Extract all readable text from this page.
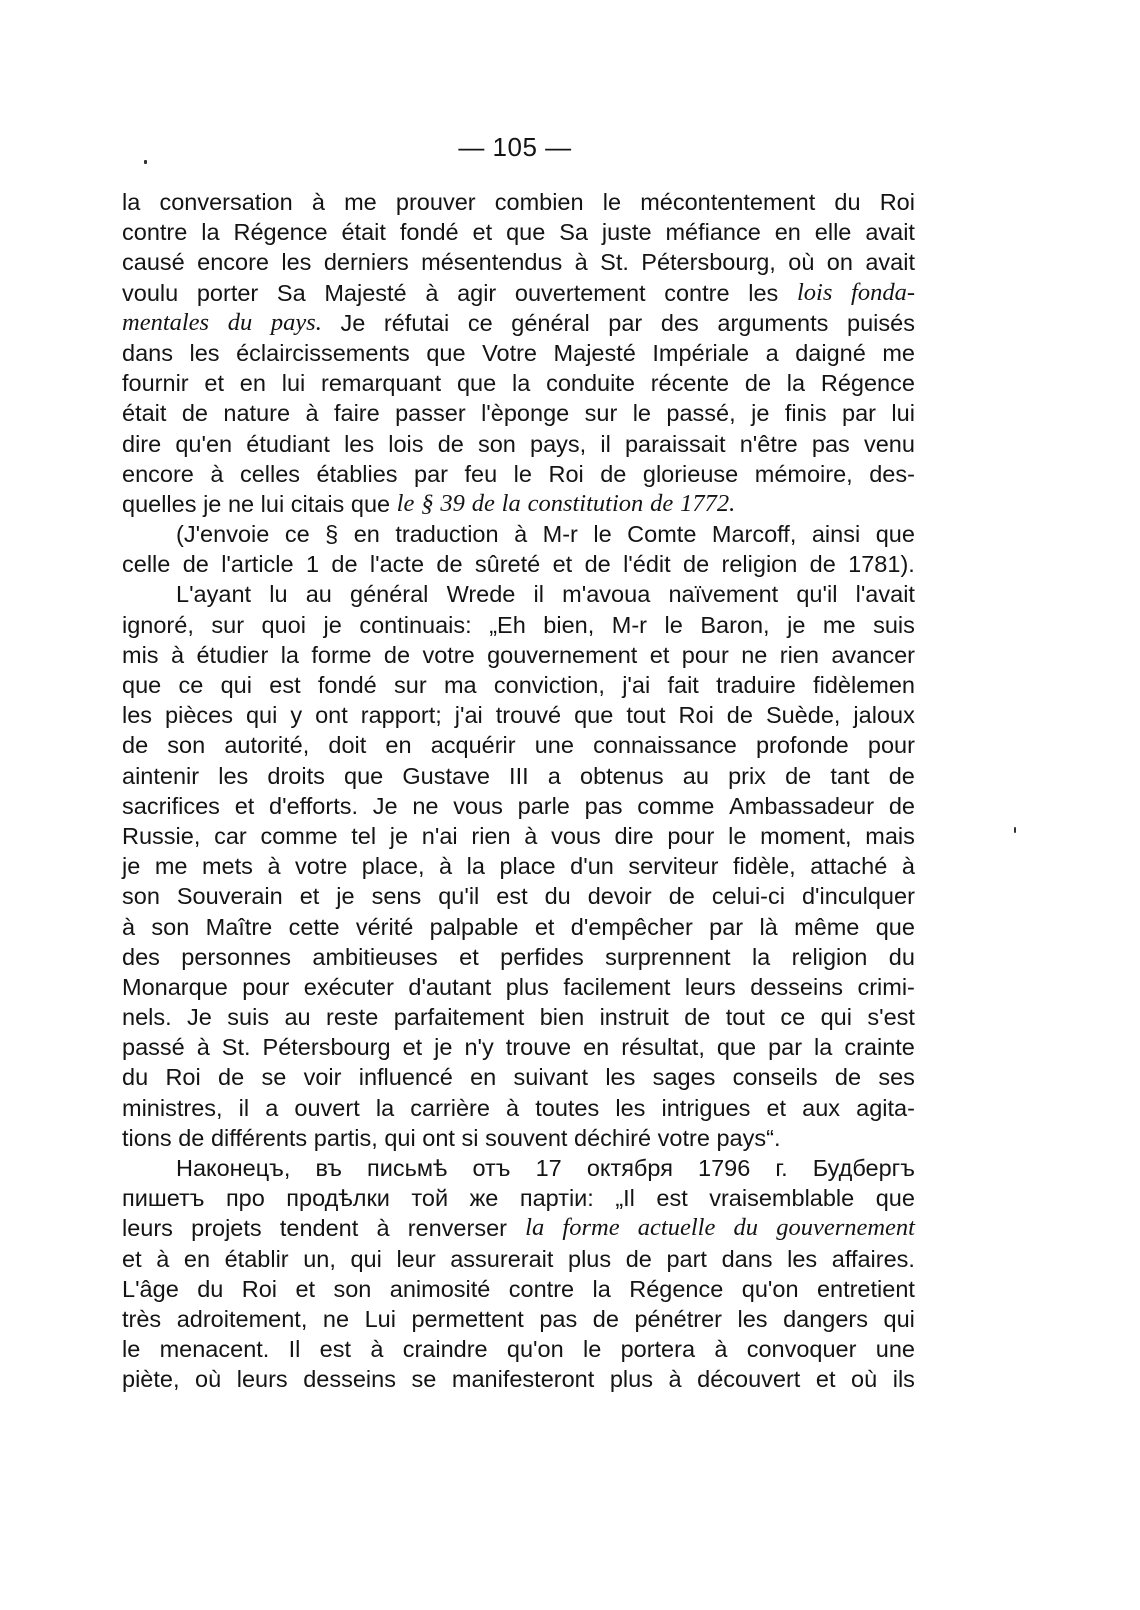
— 105 —
la conversation à me prouver combien le mécontentement du Roi
contre la Régence était fondé et que Sa juste méfiance en elle avait
causé encore les derniers mésentendus à St. Pétersbourg, où on avait
voulu porter Sa Majesté à agir ouvertement contre les lois fonda-
mentales du pays. Je réfutai ce général par des arguments puisés
dans les éclaircissements que Votre Majesté Impériale a daigné me
fournir et en lui remarquant que la conduite récente de la Régence
était de nature à faire passer l'èponge sur le passé, je finis par lui
dire qu'en étudiant les lois de son pays, il paraissait n'être pas venu
encore à celles établies par feu le Roi de glorieuse mémoire, des-
quelles je ne lui citais que le § 39 de la constitution de 1772.
(J'envoie ce § en traduction à M-r le Comte Marcoff, ainsi que
celle de l'article 1 de l'acte de sûreté et de l'édit de religion de 1781).
L'ayant lu au général Wrede il m'avoua naïvement qu'il l'avait
ignoré, sur quoi je continuais: „Eh bien, M-r le Baron, je me suis
mis à étudier la forme de votre gouvernement et pour ne rien avancer
que ce qui est fondé sur ma conviction, j'ai fait traduire fidèlemen
les pièces qui y ont rapport; j'ai trouvé que tout Roi de Suède, jaloux
de son autorité, doit en acquérir une connaissance profonde pour
aintenir les droits que Gustave III a obtenus au prix de tant de
sacrifices et d'efforts. Je ne vous parle pas comme Ambassadeur de
Russie, car comme tel je n'ai rien à vous dire pour le moment, mais
je me mets à votre place, à la place d'un serviteur fidèle, attaché à
son Souverain et je sens qu'il est du devoir de celui-ci d'inculquer
à son Maître cette vérité palpable et d'empêcher par là même que
des personnes ambitieuses et perfides surprennent la religion du
Monarque pour exécuter d'autant plus facilement leurs desseins crimi-
nels. Je suis au reste parfaitement bien instruit de tout ce qui s'est
passé à St. Pétersbourg et je n'y trouve en résultat, que par la crainte
du Roi de se voir influencé en suivant les sages conseils de ses
ministres, il a ouvert la carrière à toutes les intrigues et aux agita-
tions de différents partis, qui ont si souvent déchiré votre pays“.
Наконецъ, въ письмѣ отъ 17 октября 1796 г. Будбергъ
пишетъ про продѣлки той же партіи: „Il est vraisemblable que
leurs projets tendent à renverser la forme actuelle du gouvernement
et à en établir un, qui leur assurerait plus de part dans les affaires.
L'âge du Roi et son animosité contre la Régence qu'on entretient
très adroitement, ne Lui permettent pas de pénétrer les dangers qui
le menacent. Il est à craindre qu'on le portera à convoquer une
piète, où leurs desseins se manifesteront plus à découvert et où ils
